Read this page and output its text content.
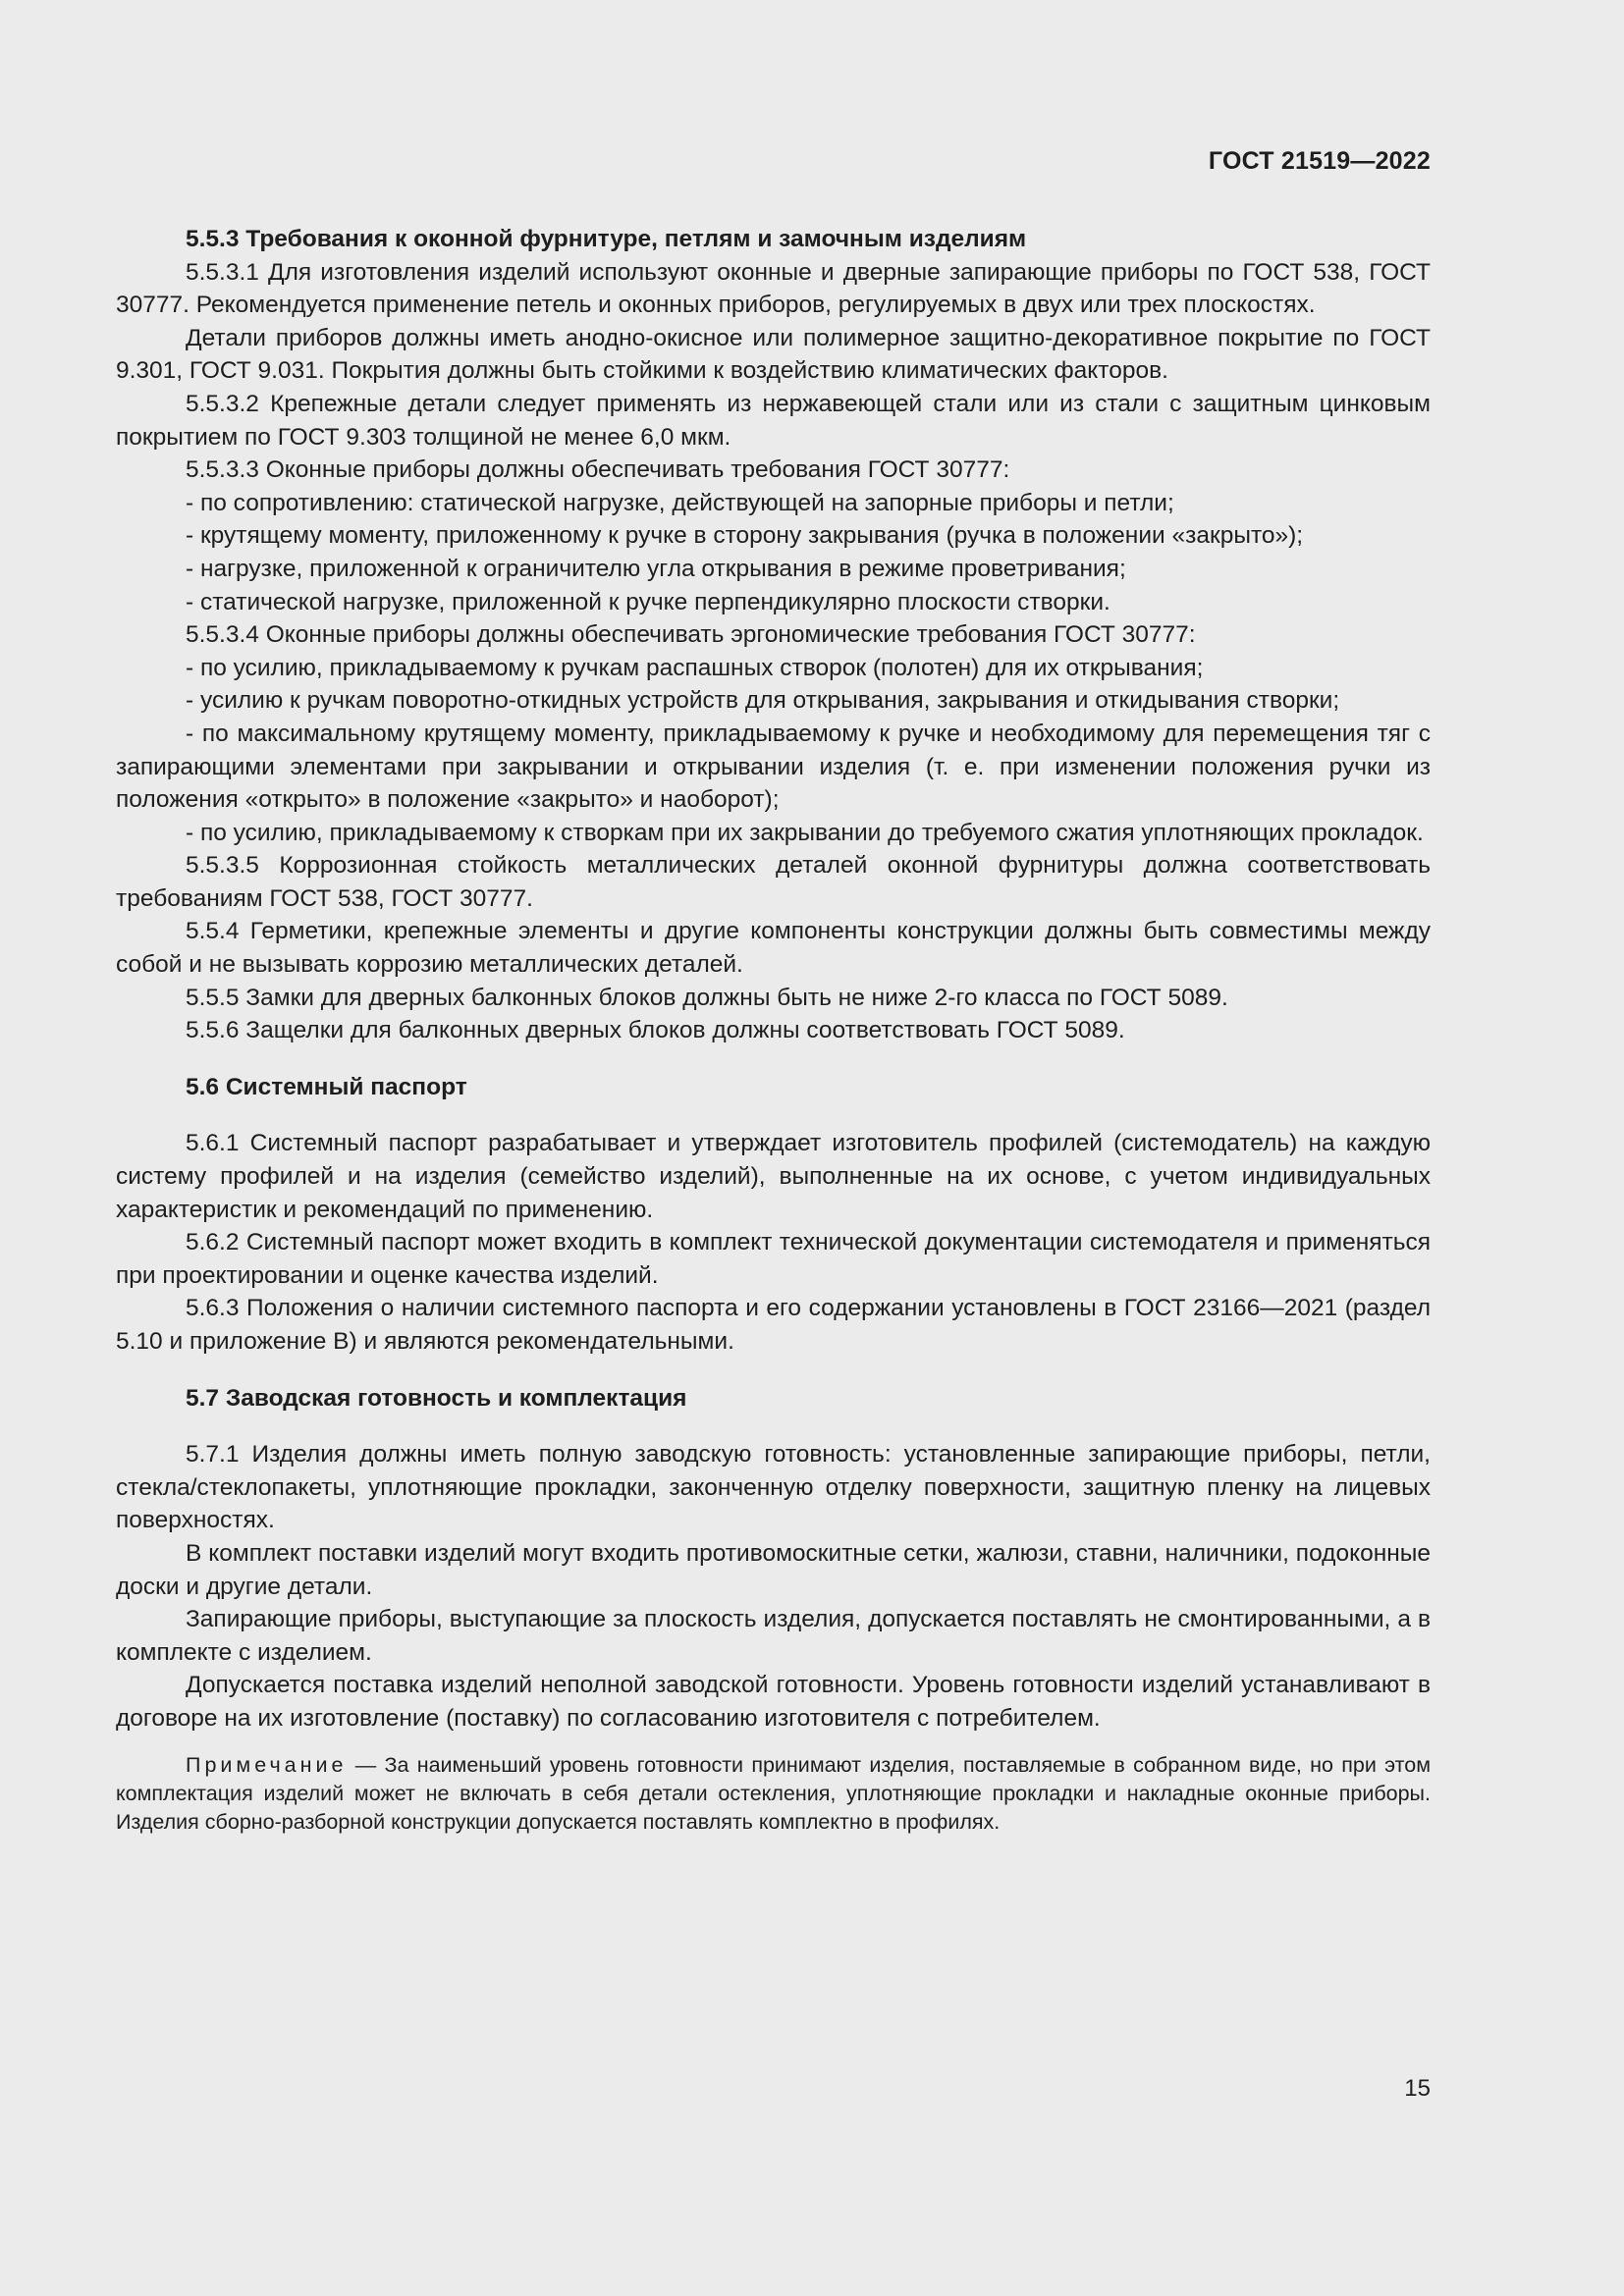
ГОСТ 21519—2022
5.5.3 Требования к оконной фурнитуре, петлям и замочным изделиям

5.5.3.1 Для изготовления изделий используют оконные и дверные запирающие приборы по ГОСТ 538, ГОСТ 30777. Рекомендуется применение петель и оконных приборов, регулируемых в двух или трех плоскостях.

Детали приборов должны иметь анодно-окисное или полимерное защитно-декоративное покрытие по ГОСТ 9.301, ГОСТ 9.031. Покрытия должны быть стойкими к воздействию климатических факторов.

5.5.3.2 Крепежные детали следует применять из нержавеющей стали или из стали с защитным цинковым покрытием по ГОСТ 9.303 толщиной не менее 6,0 мкм.

5.5.3.3 Оконные приборы должны обеспечивать требования ГОСТ 30777:

- по сопротивлению: статической нагрузке, действующей на запорные приборы и петли;

- крутящему моменту, приложенному к ручке в сторону закрывания (ручка в положении «закрыто»);

- нагрузке, приложенной к ограничителю угла открывания в режиме проветривания;

- статической нагрузке, приложенной к ручке перпендикулярно плоскости створки.

5.5.3.4 Оконные приборы должны обеспечивать эргономические требования ГОСТ 30777:

- по усилию, прикладываемому к ручкам распашных створок (полотен) для их открывания;

- усилию к ручкам поворотно-откидных устройств для открывания, закрывания и откидывания створки;

- по максимальному крутящему моменту, прикладываемому к ручке и необходимому для перемещения тяг с запирающими элементами при закрывании и открывании изделия (т. е. при изменении положения ручки из положения «открыто» в положение «закрыто» и наоборот);

- по усилию, прикладываемому к створкам при их закрывании до требуемого сжатия уплотняющих прокладок.

5.5.3.5 Коррозионная стойкость металлических деталей оконной фурнитуры должна соответствовать требованиям ГОСТ 538, ГОСТ 30777.

5.5.4 Герметики, крепежные элементы и другие компоненты конструкции должны быть совместимы между собой и не вызывать коррозию металлических деталей.

5.5.5 Замки для дверных балконных блоков должны быть не ниже 2-го класса по ГОСТ 5089.

5.5.6 Защелки для балконных дверных блоков должны соответствовать ГОСТ 5089.

5.6 Системный паспорт

5.6.1 Системный паспорт разрабатывает и утверждает изготовитель профилей (системодатель) на каждую систему профилей и на изделия (семейство изделий), выполненные на их основе, с учетом индивидуальных характеристик и рекомендаций по применению.

5.6.2 Системный паспорт может входить в комплект технической документации системодателя и применяться при проектировании и оценке качества изделий.

5.6.3 Положения о наличии системного паспорта и его содержании установлены в ГОСТ 23166—2021 (раздел 5.10 и приложение В) и являются рекомендательными.

5.7 Заводская готовность и комплектация

5.7.1 Изделия должны иметь полную заводскую готовность: установленные запирающие приборы, петли, стекла/стеклопакеты, уплотняющие прокладки, законченную отделку поверхности, защитную пленку на лицевых поверхностях.

В комплект поставки изделий могут входить противомоскитные сетки, жалюзи, ставни, наличники, подоконные доски и другие детали.

Запирающие приборы, выступающие за плоскость изделия, допускается поставлять не смонтированными, а в комплекте с изделием.

Допускается поставка изделий неполной заводской готовности. Уровень готовности изделий устанавливают в договоре на их изготовление (поставку) по согласованию изготовителя с потребителем.

Примечание — За наименьший уровень готовности принимают изделия, поставляемые в собранном виде, но при этом комплектация изделий может не включать в себя детали остекления, уплотняющие прокладки и накладные оконные приборы. Изделия сборно-разборной конструкции допускается поставлять комплектно в профилях.

15
